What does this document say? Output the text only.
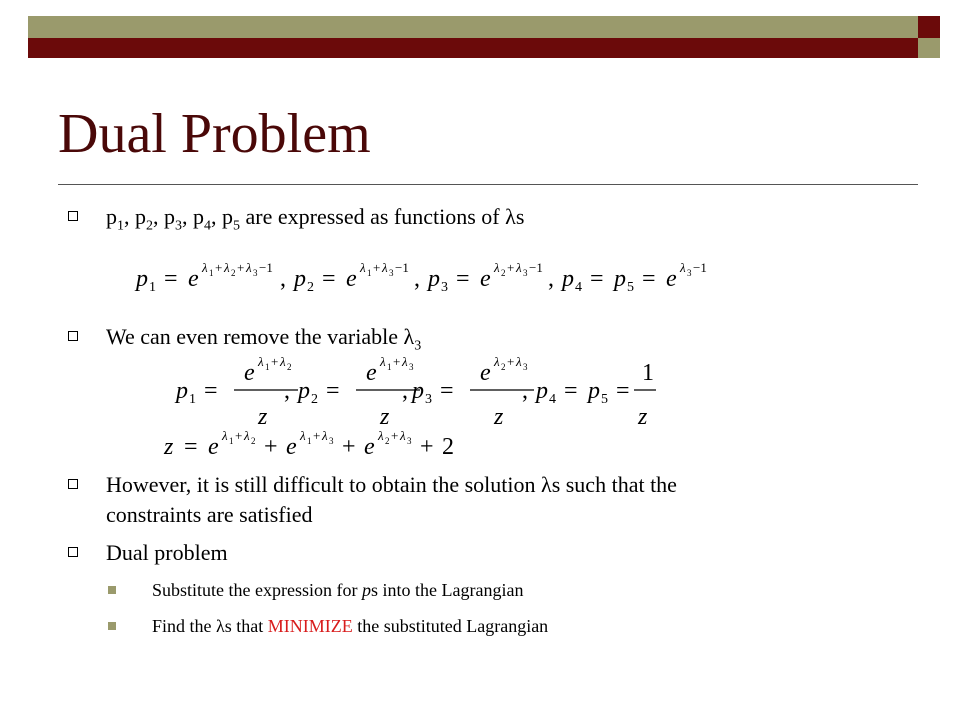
Dual Problem
$p_1$, $p_2$, $p_3$, $p_4$, $p_5$ are expressed as functions of λs
p 1 = e λ 1 + λ 2 + λ 3 −1 , p 2 = e λ 1 + λ 3 −1 , p 3 = e λ 2 + λ 3 −1 , p 4 = p 5 = e λ 3 −1
We can even remove the variable $\lambda_3$
p 1 =
e λ 1 + λ 2
z
, p 2 =
e λ 1 + λ 3
z
, p 3 =
e λ 2 + λ 3
z
, p 4 = p 5 =
1
z
z = e λ 1 + λ 2 + e λ 1 + λ 3 + e λ 2 + λ 3 + 2
However, it is still difficult to obtain the solution λs such that the
constraints are satisfied
Dual problem
Substitute the expression for ps into the Lagrangian
Find the λs that MINIMIZE the substituted Lagrangian
